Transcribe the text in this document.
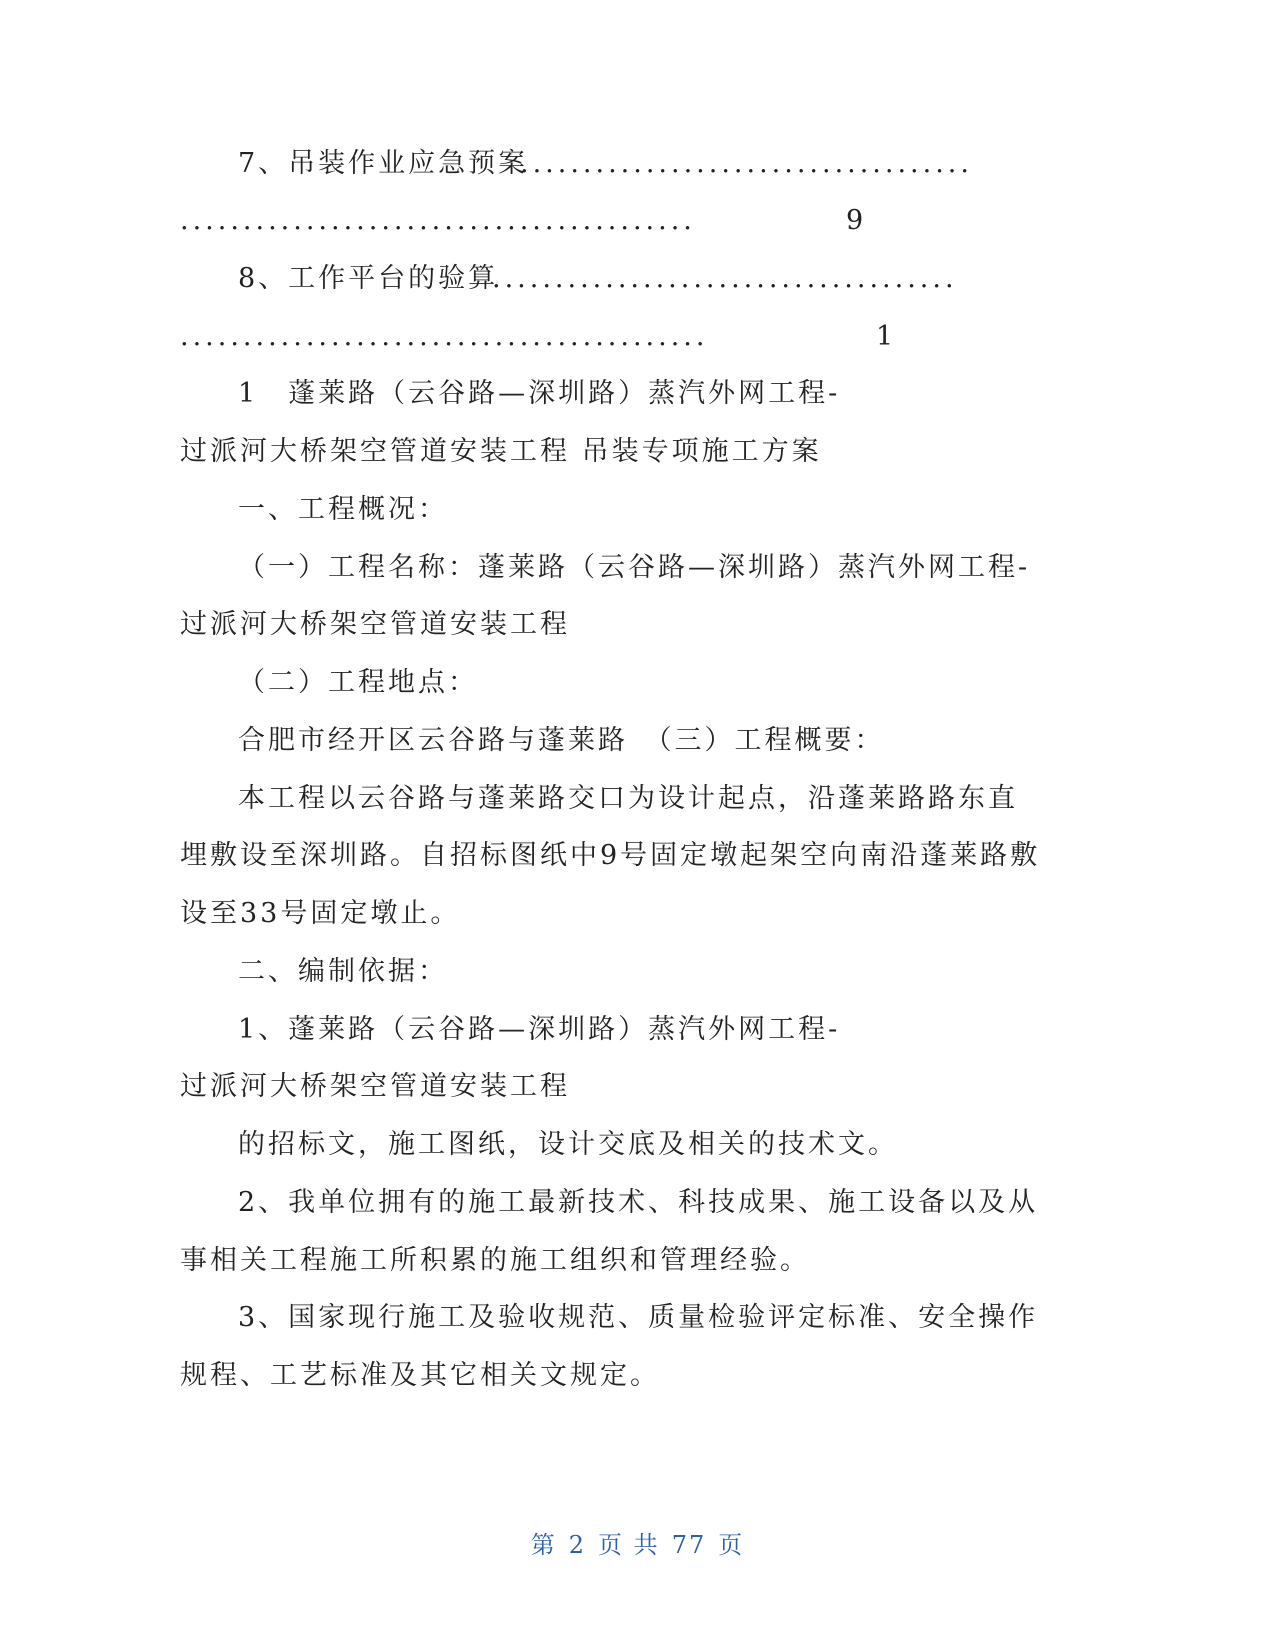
7、吊装作业应急预案
....................................
.........................................	9
8、工作平台的验算
.....................................
..........................................	1
1　蓬莱路（云谷路—深圳路）蒸汽外网工程-
过派河大桥架空管道安装工程 吊装专项施工方案
一、工程概况：
（一）工程名称：蓬莱路（云谷路—深圳路）蒸汽外网工程-
过派河大桥架空管道安装工程
（二）工程地点：
合肥市经开区云谷路与蓬莱路　（三）工程概要：
本工程以云谷路与蓬莱路交口为设计起点，沿蓬莱路路东直
埋敷设至深圳路。自招标图纸中9号固定墩起架空向南沿蓬莱路敷
设至33号固定墩止。
二、编制依据：
1、蓬莱路（云谷路—深圳路）蒸汽外网工程-
过派河大桥架空管道安装工程
的招标文，施工图纸，设计交底及相关的技术文。
2、我单位拥有的施工最新技术、科技成果、施工设备以及从
事相关工程施工所积累的施工组织和管理经验。
3、国家现行施工及验收规范、质量检验评定标准、安全操作
规程、工艺标准及其它相关文规定。
第 2 页 共 77 页
